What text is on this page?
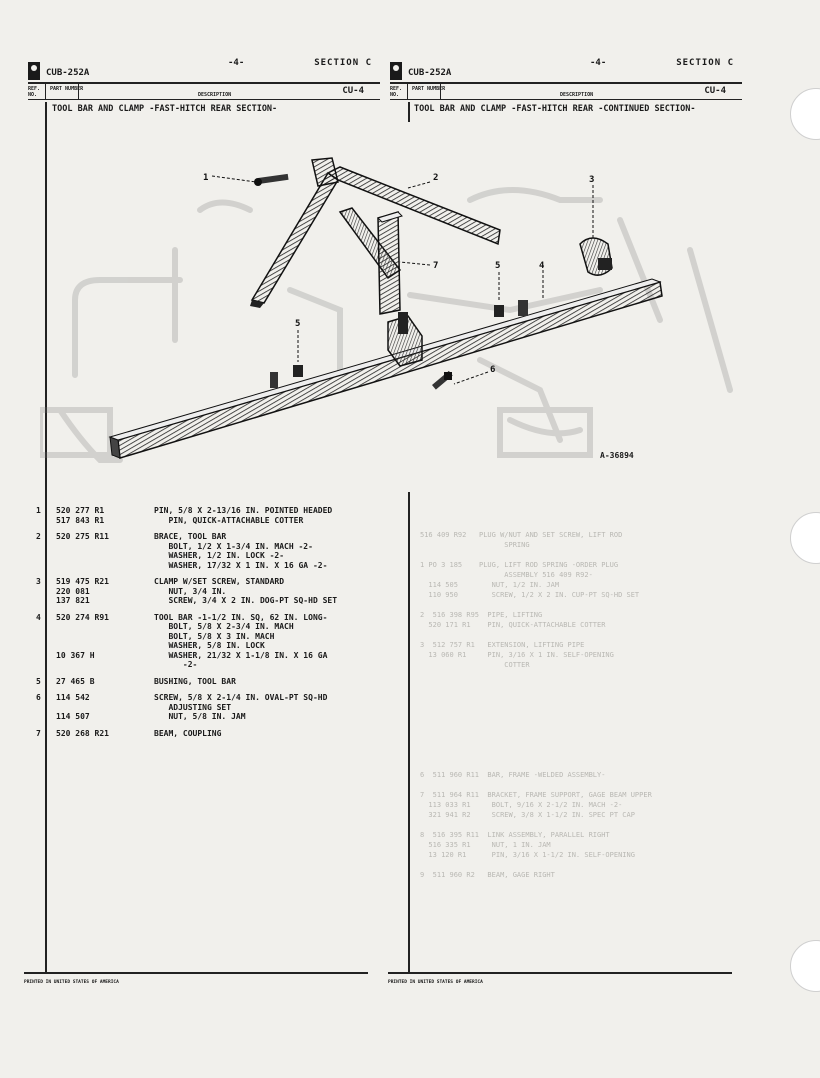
CUB-252A
-4-	SECTION C
REF. NO.
PART NUMBER
DESCRIPTION	CU-4
CUB-252A
-4-	SECTION C
REF. NO.
PART NUMBER
DESCRIPTION	CU-4
TOOL BAR AND CLAMP -FAST-HITCH REAR SECTION-	TOOL BAR AND CLAMP -FAST-HITCH REAR -CONTINUED SECTION-
516 409 R92   PLUG W/NUT AND SET SCREW, LIFT ROD
SPRING

1 PO 3 185    PLUG, LIFT ROD SPRING -ORDER PLUG
ASSEMBLY 516 409 R92-
114 505        NUT, 1/2 IN. JAM
110 950        SCREW, 1/2 X 2 IN. CUP-PT SQ-HD SET

2  516 398 R95  PIPE, LIFTING
520 171 R1    PIN, QUICK-ATTACHABLE COTTER

3  512 757 R1   EXTENSION, LIFTING PIPE
13 060 R1     PIN, 3/16 X 1 IN. SELF-OPENING
COTTER
6  511 960 R11  BAR, FRAME -WELDED ASSEMBLY-

7  511 964 R11  BRACKET, FRAME SUPPORT, GAGE BEAM UPPER
113 033 R1     BOLT, 9/16 X 2-1/2 IN. MACH -2-
321 941 R2     SCREW, 3/8 X 1-1/2 IN. SPEC PT CAP

8  516 395 R11  LINK ASSEMBLY, PARALLEL RIGHT
516 335 R1     NUT, 1 IN. JAM
13 120 R1      PIN, 3/16 X 1-1/2 IN. SELF-OPENING

9  511 960 R2   BEAM, GAGE RIGHT
1	2	3
4
5
5
6
7
A-36894
1	520 277 R1	PIN, 5/8 X 2-13/16 IN. POINTED HEADED
517 843 R1	PIN, QUICK-ATTACHABLE COTTER
2	520 275 R11	BRACE, TOOL BAR
BOLT, 1/2 X 1-3/4 IN. MACH -2-
WASHER, 1/2 IN. LOCK -2-
WASHER, 17/32 X 1 IN. X 16 GA -2-
3	519 475 R21	CLAMP W/SET SCREW, STANDARD
220 081	NUT, 3/4 IN.
137 821	SCREW, 3/4 X 2 IN. DOG-PT SQ-HD SET
4	520 274 R91	TOOL BAR -1-1/2 IN. SQ, 62 IN. LONG-
BOLT, 5/8 X 2-3/4 IN. MACH
BOLT, 5/8 X 3 IN. MACH
WASHER, 5/8 IN. LOCK
10 367 H	WASHER, 21/32 X 1-1/8 IN. X 16 GA
-2-
5	27 465 B	BUSHING, TOOL BAR
6	114 542	SCREW, 5/8 X 2-1/4 IN. OVAL-PT SQ-HD
ADJUSTING SET
114 507	NUT, 5/8 IN. JAM
7	520 268 R21	BEAM, COUPLING
PRINTED IN UNITED STATES OF AMERICA	PRINTED IN UNITED STATES OF AMERICA
